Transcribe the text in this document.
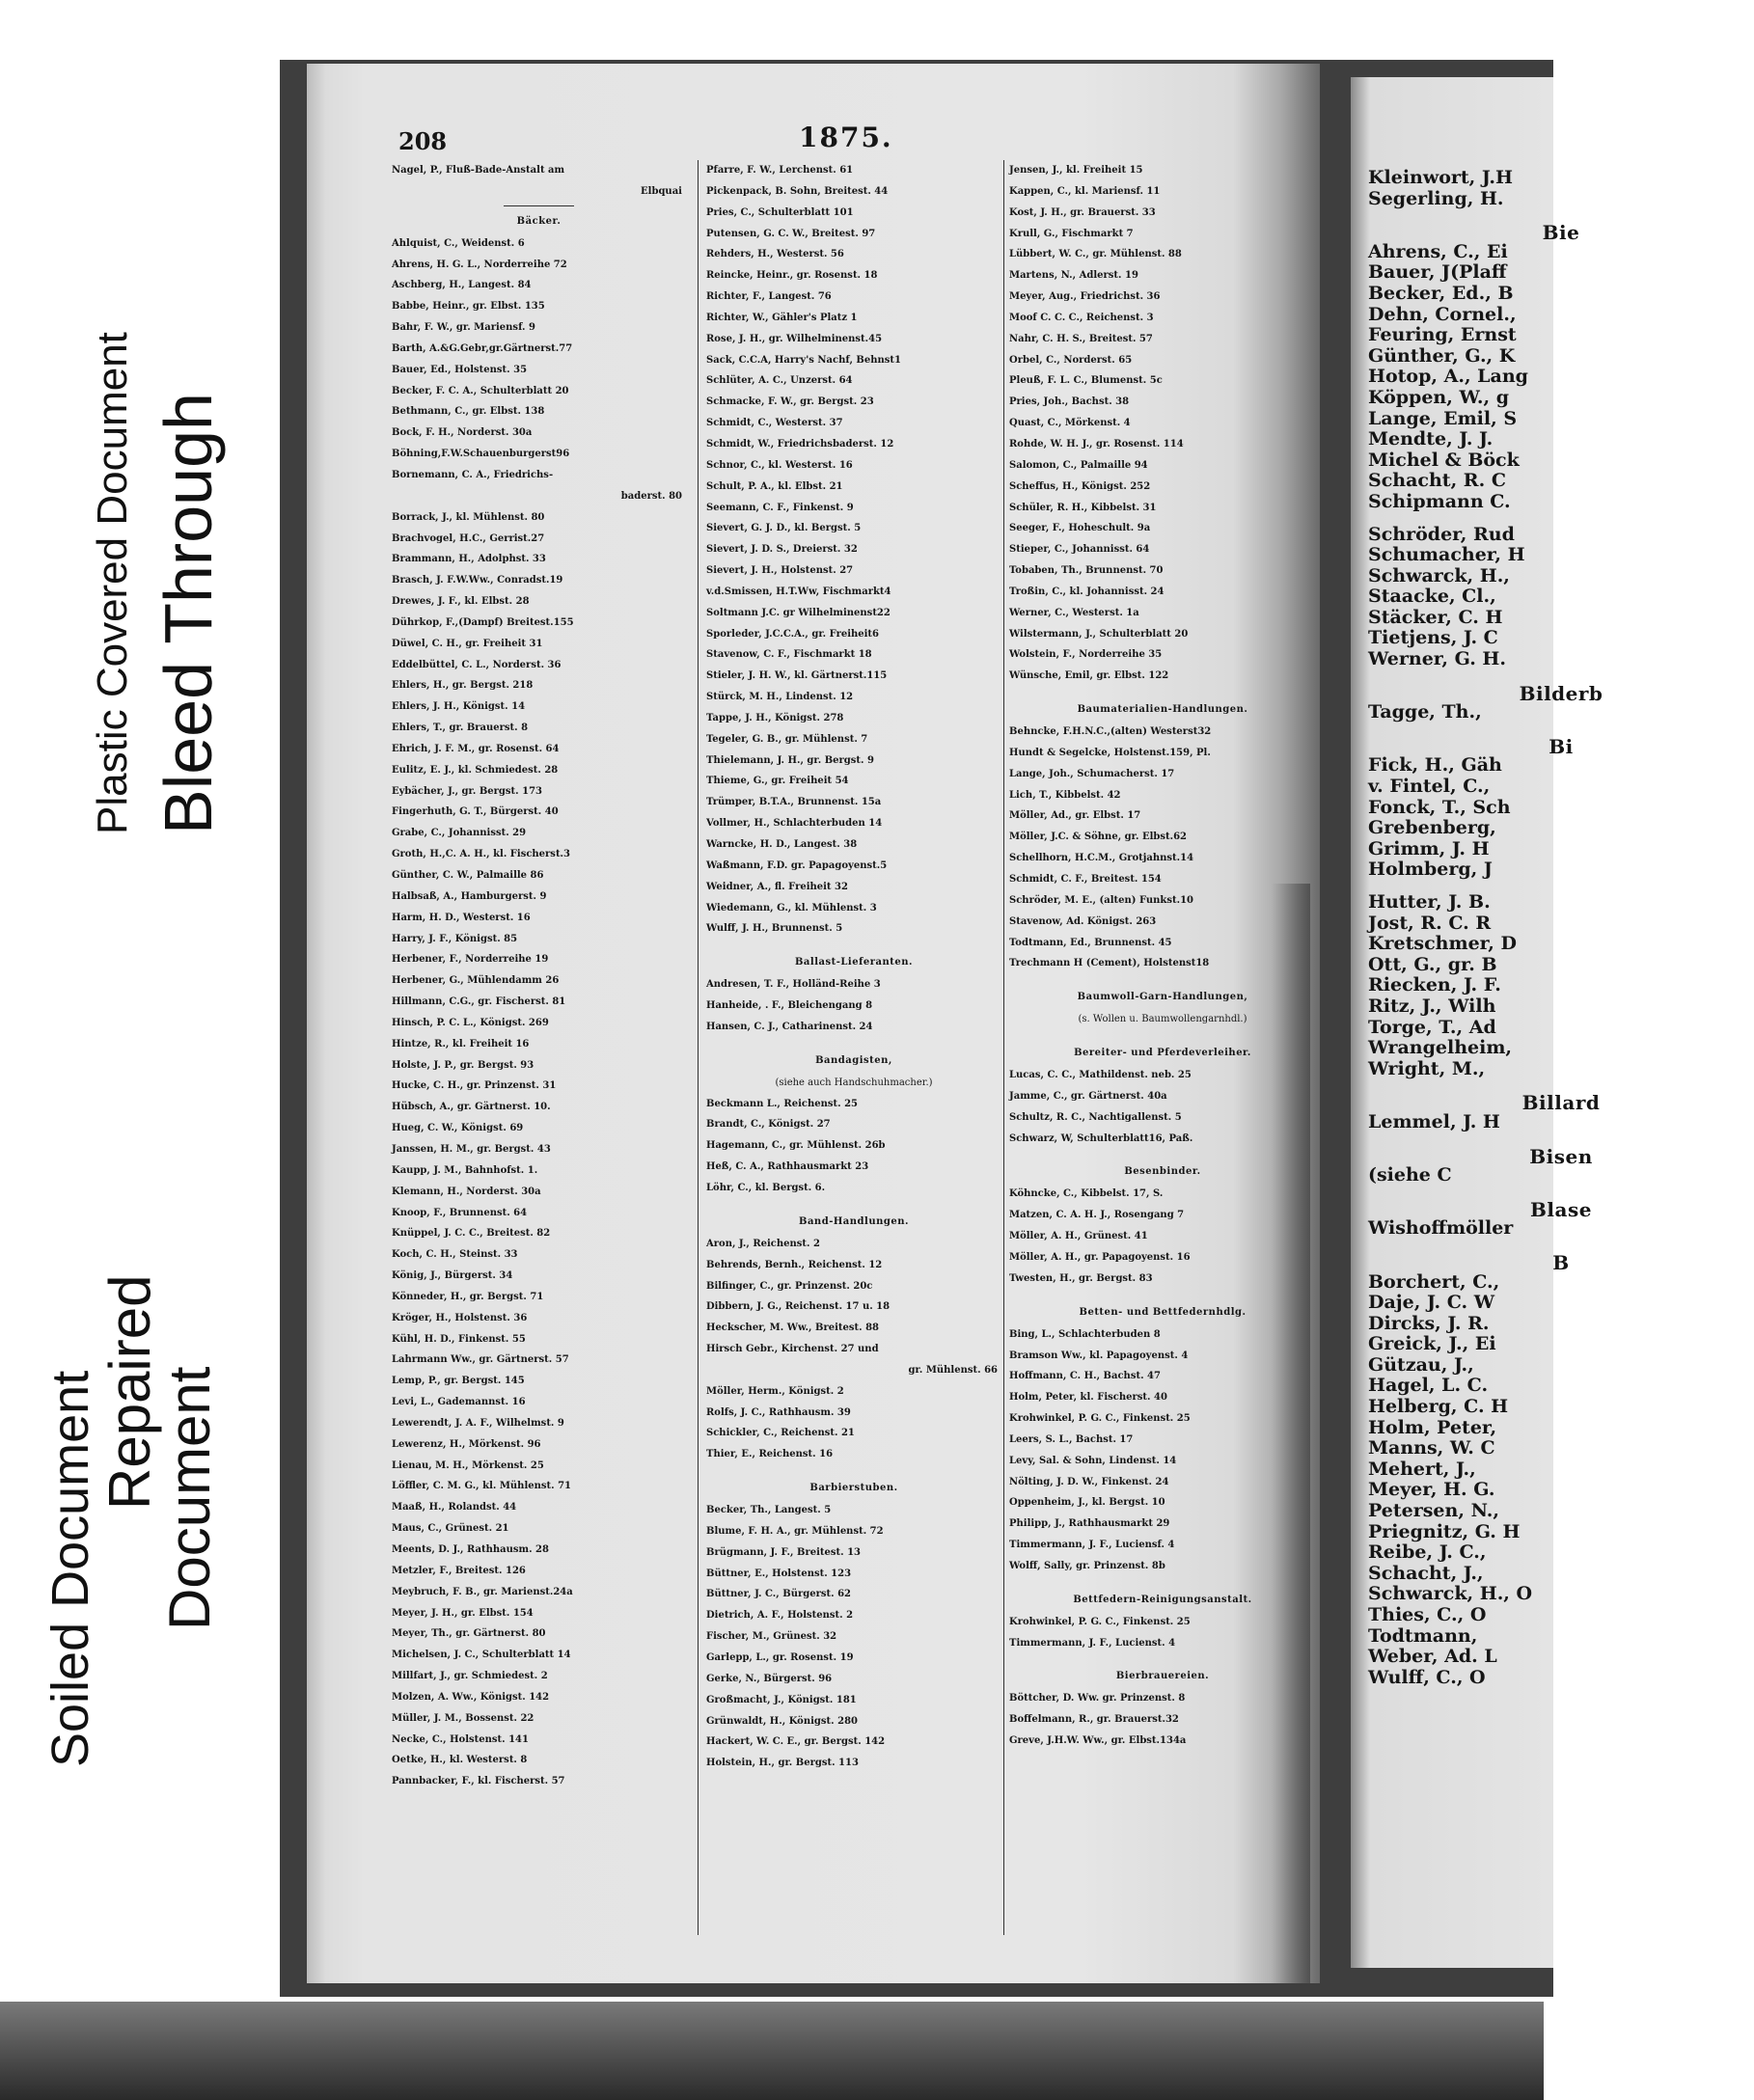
Plastic Covered Document Bleed Through
Soiled Document
Repaired
Document
Kleinwort, J.H
Segerling, H.
Bie
Ahrens, C., Ei
Bauer, J(Plaff
Becker, Ed., B
Dehn, Cornel.,
Feuring, Ernst
Günther, G., K
Hotop, A., Lang
Köppen, W., g
Lange, Emil, S
Mendte, J. J.
Michel & Böck
Schacht, R. C
Schipmann C.
Schröder, Rud
Schumacher, H
Schwarck, H.,
Staacke, Cl.,
Stäcker, C. H
Tietjens, J. C
Werner, G. H.
Bilderb
Tagge, Th.,
Bi
Fick, H., Gäh
v. Fintel, C.,
Fonck, T., Sch
Grebenberg,
Grimm, J. H
Holmberg, J
Hutter, J. B.
Jost, R. C. R
Kretschmer, D
Ott, G., gr. B
Riecken, J. F.
Ritz, J., Wilh
Torge, T., Ad
Wrangelheim,
Wright, M.,
Billard
Lemmel, J. H
Bisen
(siehe C
Blase
Wishoffmöller
B
Borchert, C.,
Daje, J. C. W
Dircks, J. R.
Greick, J., Ei
Gützau, J.,
Hagel, L. C.
Helberg, C. H
Holm, Peter,
Manns, W. C
Mehert, J.,
Meyer, H. G.
Petersen, N.,
Priegnitz, G. H
Reibe, J. C.,
Schacht, J.,
Schwarck, H., O
Thies, C., O
Todtmann,
Weber, Ad. L
Wulff, C., O
208	1875.
Nagel, P., Fluß-Bade-Anstalt am
Elbquai
Bäcker.
Ahlquist, C., Weidenst. 6
Ahrens, H. G. L., Norderreihe 72
Aschberg, H., Langest. 84
Babbe, Heinr., gr. Elbst. 135
Bahr, F. W., gr. Mariensf. 9
Barth, A.&G.Gebr,gr.Gärtnerst.77
Bauer, Ed., Holstenst. 35
Becker, F. C. A., Schulterblatt 20
Bethmann, C., gr. Elbst. 138
Bock, F. H., Norderst. 30a
Böhning,F.W.Schauenburgerst96
Bornemann, C. A., Friedrichs-
baderst. 80
Borrack, J., kl. Mühlenst. 80
Brachvogel, H.C., Gerrist.27
Brammann, H., Adolphst. 33
Brasch, J. F.W.Ww., Conradst.19
Drewes, J. F., kl. Elbst. 28
Dührkop, F.,(Dampf) Breitest.155
Düwel, C. H., gr. Freiheit 31
Eddelbüttel, C. L., Norderst. 36
Ehlers, H., gr. Bergst. 218
Ehlers, J. H., Königst. 14
Ehlers, T., gr. Brauerst. 8
Ehrich, J. F. M., gr. Rosenst. 64
Eulitz, E. J., kl. Schmiedest. 28
Eybächer, J., gr. Bergst. 173
Fingerhuth, G. T., Bürgerst. 40
Grabe, C., Johannisst. 29
Groth, H.,C. A. H., kl. Fischerst.3
Günther, C. W., Palmaille 86
Halbsaß, A., Hamburgerst. 9
Harm, H. D., Westerst. 16
Harry, J. F., Königst. 85
Herbener, F., Norderreihe 19
Herbener, G., Mühlendamm 26
Hillmann, C.G., gr. Fischerst. 81
Hinsch, P. C. L., Königst. 269
Hintze, R., kl. Freiheit 16
Holste, J. P., gr. Bergst. 93
Hucke, C. H., gr. Prinzenst. 31
Hübsch, A., gr. Gärtnerst. 10.
Hueg, C. W., Königst. 69
Janssen, H. M., gr. Bergst. 43
Kaupp, J. M., Bahnhofst. 1.
Klemann, H., Norderst. 30a
Knoop, F., Brunnenst. 64
Knüppel, J. C. C., Breitest. 82
Koch, C. H., Steinst. 33
König, J., Bürgerst. 34
Könneder, H., gr. Bergst. 71
Kröger, H., Holstenst. 36
Kühl, H. D., Finkenst. 55
Lahrmann Ww., gr. Gärtnerst. 57
Lemp, P., gr. Bergst. 145
Levi, L., Gademannst. 16
Lewerendt, J. A. F., Wilhelmst. 9
Lewerenz, H., Mörkenst. 96
Lienau, M. H., Mörkenst. 25
Löffler, C. M. G., kl. Mühlenst. 71
Maaß, H., Rolandst. 44
Maus, C., Grünest. 21
Meents, D. J., Rathhausm. 28
Metzler, F., Breitest. 126
Meybruch, F. B., gr. Marienst.24a
Meyer, J. H., gr. Elbst. 154
Meyer, Th., gr. Gärtnerst. 80
Michelsen, J. C., Schulterblatt 14
Millfart, J., gr. Schmiedest. 2
Molzen, A. Ww., Königst. 142
Müller, J. M., Bossenst. 22
Necke, C., Holstenst. 141
Oetke, H., kl. Westerst. 8
Pannbacker, F., kl. Fischerst. 57
Pfarre, F. W., Lerchenst. 61
Pickenpack, B. Sohn, Breitest. 44
Pries, C., Schulterblatt 101
Putensen, G. C. W., Breitest. 97
Rehders, H., Westerst. 56
Reincke, Heinr., gr. Rosenst. 18
Richter, F., Langest. 76
Richter, W., Gähler's Platz 1
Rose, J. H., gr. Wilhelminenst.45
Sack, C.C.A, Harry's Nachf, Behnst1
Schlüter, A. C., Unzerst. 64
Schmacke, F. W., gr. Bergst. 23
Schmidt, C., Westerst. 37
Schmidt, W., Friedrichsbaderst. 12
Schnor, C., kl. Westerst. 16
Schult, P. A., kl. Elbst. 21
Seemann, C. F., Finkenst. 9
Sievert, G. J. D., kl. Bergst. 5
Sievert, J. D. S., Dreierst. 32
Sievert, J. H., Holstenst. 27
v.d.Smissen, H.T.Ww, Fischmarkt4
Soltmann J.C. gr Wilhelminenst22
Sporleder, J.C.C.A., gr. Freiheit6
Stavenow, C. F., Fischmarkt 18
Stieler, J. H. W., kl. Gärtnerst.115
Stürck, M. H., Lindenst. 12
Tappe, J. H., Königst. 278
Tegeler, G. B., gr. Mühlenst. 7
Thielemann, J. H., gr. Bergst. 9
Thieme, G., gr. Freiheit 54
Trümper, B.T.A., Brunnenst. 15a
Vollmer, H., Schlachterbuden 14
Warncke, H. D., Langest. 38
Waßmann, F.D. gr. Papagoyenst.5
Weidner, A., fl. Freiheit 32
Wiedemann, G., kl. Mühlenst. 3
Wulff, J. H., Brunnenst. 5
Ballast-Lieferanten.
Andresen, T. F., Holländ-Reihe 3
Hanheide, . F., Bleichengang 8
Hansen, C. J., Catharinenst. 24
Bandagisten,
(siehe auch Handschuhmacher.)
Beckmann L., Reichenst. 25
Brandt, C., Königst. 27
Hagemann, C., gr. Mühlenst. 26b
Heß, C. A., Rathhausmarkt 23
Löhr, C., kl. Bergst. 6.
Band-Handlungen.
Aron, J., Reichenst. 2
Behrends, Bernh., Reichenst. 12
Bilfinger, C., gr. Prinzenst. 20c
Dibbern, J. G., Reichenst. 17 u. 18
Heckscher, M. Ww., Breitest. 88
Hirsch Gebr., Kirchenst. 27 und
gr. Mühlenst. 66
Möller, Herm., Königst. 2
Rolfs, J. C., Rathhausm. 39
Schickler, C., Reichenst. 21
Thier, E., Reichenst. 16
Barbierstuben.
Becker, Th., Langest. 5
Blume, F. H. A., gr. Mühlenst. 72
Brügmann, J. F., Breitest. 13
Büttner, E., Holstenst. 123
Büttner, J. C., Bürgerst. 62
Dietrich, A. F., Holstenst. 2
Fischer, M., Grünest. 32
Garlepp, L., gr. Rosenst. 19
Gerke, N., Bürgerst. 96
Großmacht, J., Königst. 181
Grünwaldt, H., Königst. 280
Hackert, W. C. E., gr. Bergst. 142
Holstein, H., gr. Bergst. 113
Jensen, J., kl. Freiheit 15
Kappen, C., kl. Mariensf. 11
Kost, J. H., gr. Brauerst. 33
Krull, G., Fischmarkt 7
Lübbert, W. C., gr. Mühlenst. 88
Martens, N., Adlerst. 19
Meyer, Aug., Friedrichst. 36
Moof C. C. C., Reichenst. 3
Nahr, C. H. S., Breitest. 57
Orbel, C., Norderst. 65
Pleuß, F. L. C., Blumenst. 5c
Pries, Joh., Bachst. 38
Quast, C., Mörkenst. 4
Rohde, W. H. J., gr. Rosenst. 114
Salomon, C., Palmaille 94
Scheffus, H., Königst. 252
Schüler, R. H., Kibbelst. 31
Seeger, F., Hoheschult. 9a
Stieper, C., Johannisst. 64
Tobaben, Th., Brunnenst. 70
Troßin, C., kl. Johannisst. 24
Werner, C., Westerst. 1a
Wilstermann, J., Schulterblatt 20
Wolstein, F., Norderreihe 35
Wünsche, Emil, gr. Elbst. 122
Baumaterialien-Handlungen.
Behncke, F.H.N.C.,(alten) Westerst32
Hundt & Segelcke, Holstenst.159, Pl.
Lange, Joh., Schumacherst. 17
Lich, T., Kibbelst. 42
Möller, Ad., gr. Elbst. 17
Möller, J.C. & Söhne, gr. Elbst.62
Schellhorn, H.C.M., Grotjahnst.14
Schmidt, C. F., Breitest. 154
Schröder, M. E., (alten) Funkst.10
Stavenow, Ad. Königst. 263
Todtmann, Ed., Brunnenst. 45
Trechmann H (Cement), Holstenst18
Baumwoll-Garn-Handlungen,
(s. Wollen u. Baumwollengarnhdl.)
Bereiter- und Pferdeverleiher.
Lucas, C. C., Mathildenst. neb. 25
Jamme, C., gr. Gärtnerst. 40a
Schultz, R. C., Nachtigallenst. 5
Schwarz, W, Schulterblatt16, Paß.
Besenbinder.
Köhncke, C., Kibbelst. 17, S.
Matzen, C. A. H. J., Rosengang 7
Möller, A. H., Grünest. 41
Möller, A. H., gr. Papagoyenst. 16
Twesten, H., gr. Bergst. 83
Betten- und Bettfedernhdlg.
Bing, L., Schlachterbuden 8
Bramson Ww., kl. Papagoyenst. 4
Hoffmann, C. H., Bachst. 47
Holm, Peter, kl. Fischerst. 40
Krohwinkel, P. G. C., Finkenst. 25
Leers, S. L., Bachst. 17
Levy, Sal. & Sohn, Lindenst. 14
Nölting, J. D. W., Finkenst. 24
Oppenheim, J., kl. Bergst. 10
Philipp, J., Rathhausmarkt 29
Timmermann, J. F., Luciensf. 4
Wolff, Sally, gr. Prinzenst. 8b
Bettfedern-Reinigungsanstalt.
Krohwinkel, P. G. C., Finkenst. 25
Timmermann, J. F., Lucienst. 4
Bierbrauereien.
Böttcher, D. Ww. gr. Prinzenst. 8
Boffelmann, R., gr. Brauerst.32
Greve, J.H.W. Ww., gr. Elbst.134a
